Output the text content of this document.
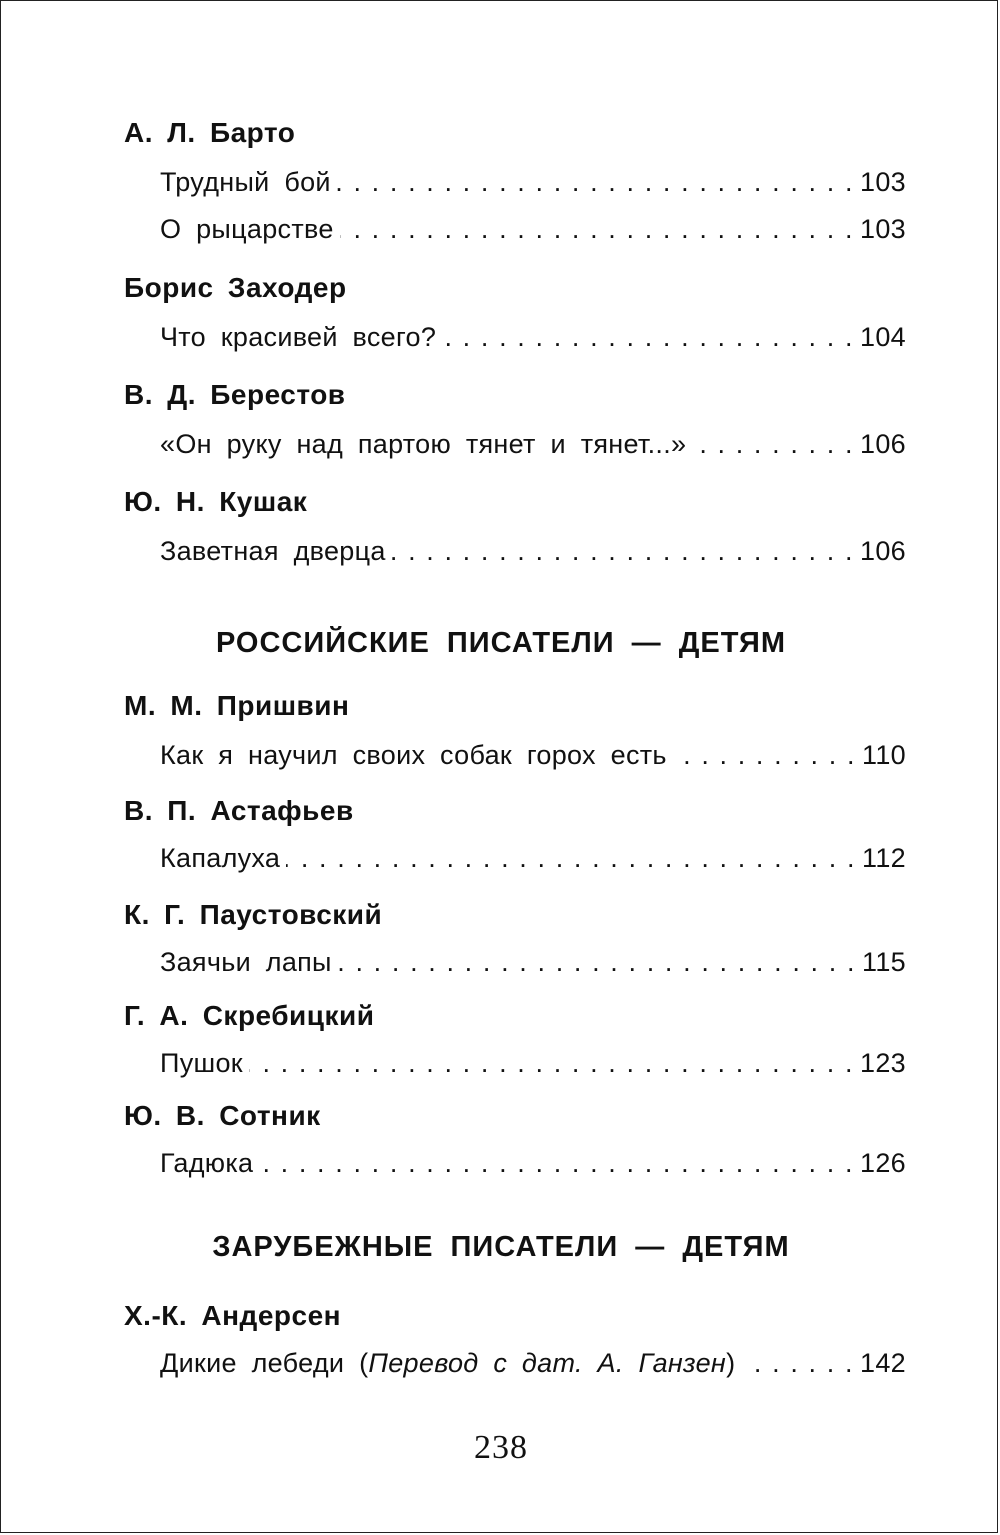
А. Л. Барто
Трудный бой . . .	103
О рыцарстве . . .	103
Борис Заходер
Что красивей всего? . . .	104
В. Д. Берестов
«Он руку над партою тянет и тянет...» . . .	106
Ю. Н. Кушак
Заветная дверца . . .	106
РОССИЙСКИЕ ПИСАТЕЛИ — ДЕТЯМ
М. М. Пришвин
Как я научил своих собак горох есть . . .	110
В. П. Астафьев
Капалуха . . .	112
К. Г. Паустовский
Заячьи лапы . . .	115
Г. А. Скребицкий
Пушок . . .	123
Ю. В. Сотник
Гадюка . . .	126
ЗАРУБЕЖНЫЕ ПИСАТЕЛИ — ДЕТЯМ
Х.-К. Андерсен
Дикие лебеди (Перевод с дат. А. Ганзен) . . .	142
238
